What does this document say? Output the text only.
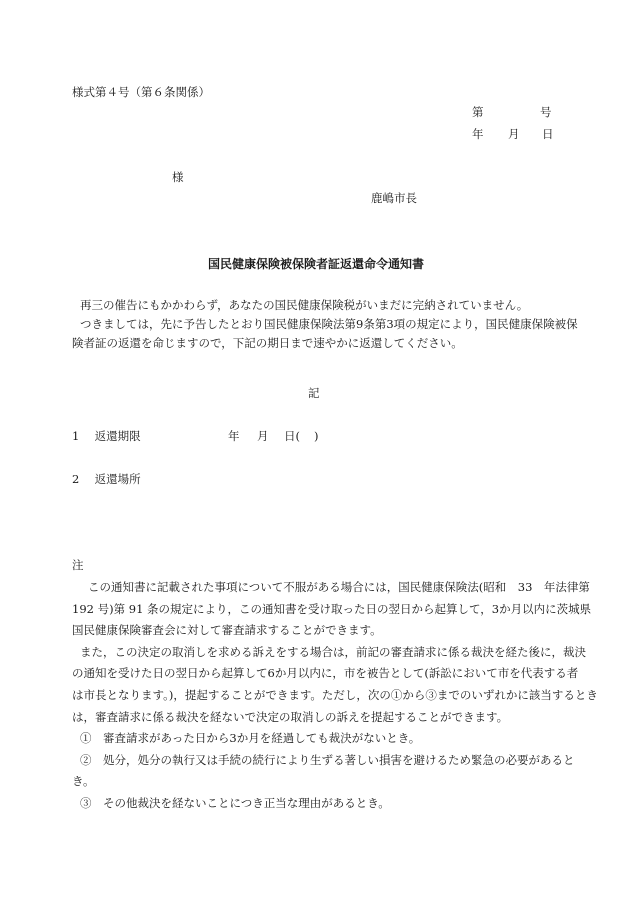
様式第４号（第６条関係）
第	号
年 月 日
様
鹿嶋市長
国民健康保険被保険者証返還命令通知書
再三の催告にもかかわらず，あなたの国民健康保険税がいまだに完納されていません。
つきましては，先に予告したとおり国民健康保険法第9条第3項の規定により，国民健康保険被保
険者証の返還を命じますので，下記の期日まで速やかに返還してください。
記
1 返還期限	年 月 日( )
2 返還場所
注
この通知書に記載された事項について不服がある場合には，国民健康保険法(昭和　33　年法律第
192 号)第 91 条の規定により，この通知書を受け取った日の翌日から起算して，3か月以内に茨城県
国民健康保険審査会に対して審査請求することができます。
また，この決定の取消しを求める訴えをする場合は，前記の審査請求に係る裁決を経た後に，裁決
の通知を受けた日の翌日から起算して6か月以内に，市を被告として(訴訟において市を代表する者
は市長となります。)，提起することができます。ただし，次の①から③までのいずれかに該当するとき
は，審査請求に係る裁決を経ないで決定の取消しの訴えを提起することができます。
①　審査請求があった日から3か月を経過しても裁決がないとき。
②　処分，処分の執行又は手続の続行により生ずる著しい損害を避けるため緊急の必要があると
き。
③　その他裁決を経ないことにつき正当な理由があるとき。
